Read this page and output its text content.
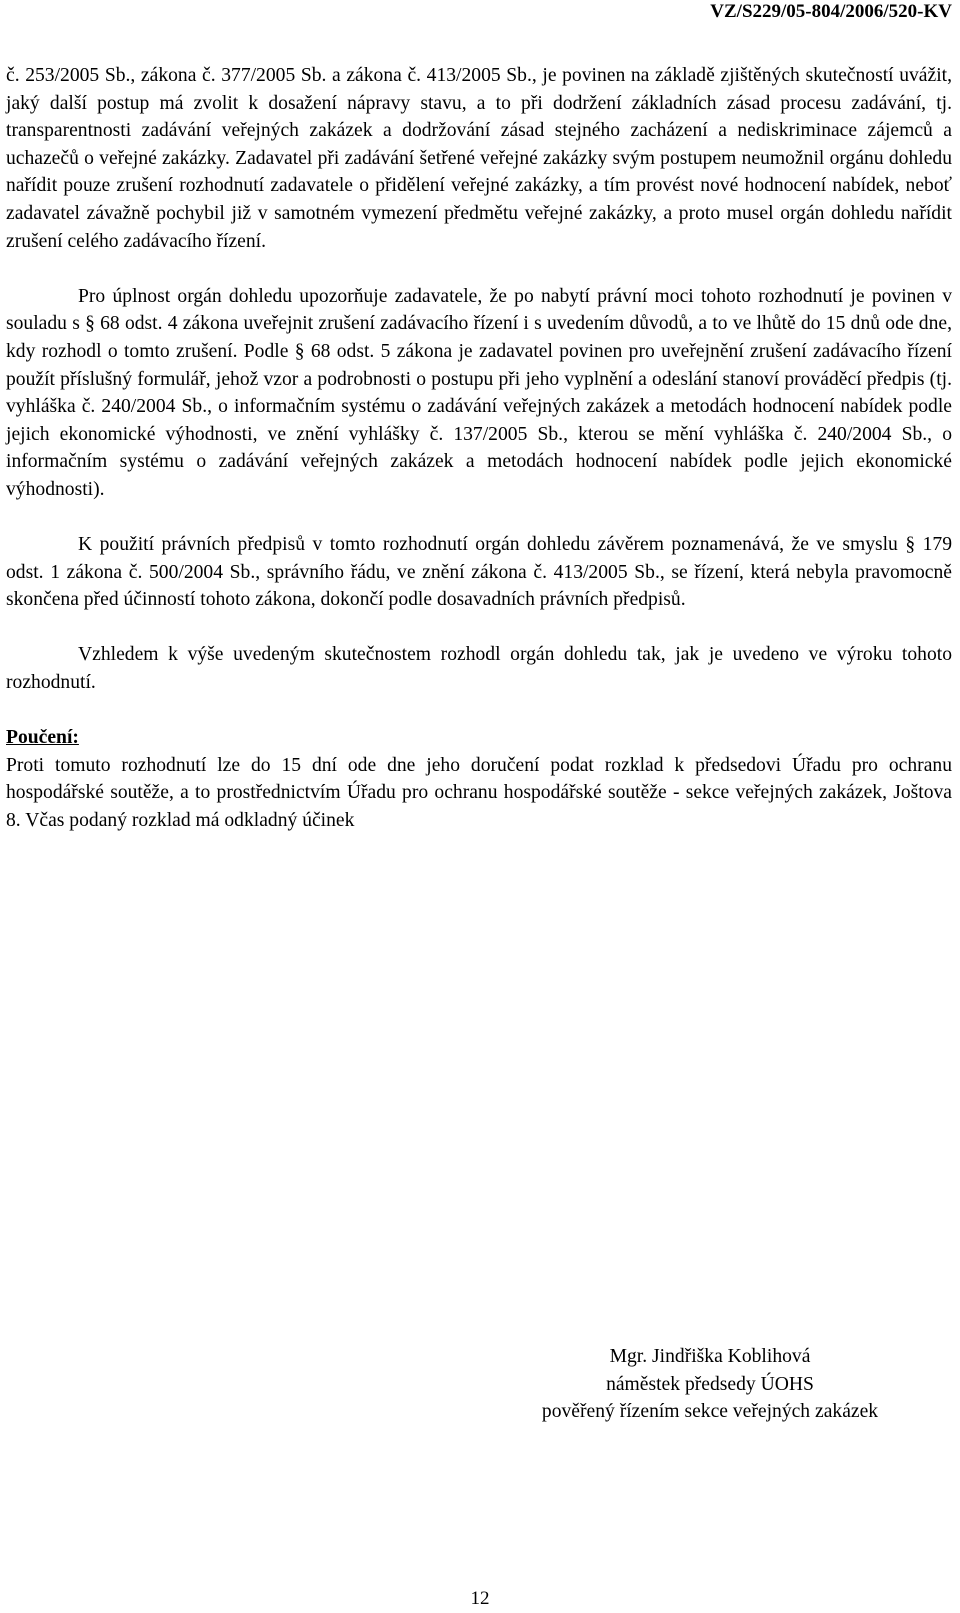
VZ/S229/05-804/2006/520-KV

č. 253/2005 Sb., zákona č. 377/2005 Sb. a zákona č. 413/2005 Sb., je povinen na základě zjištěných skutečností uvážit, jaký další postup má zvolit k dosažení nápravy stavu, a to při dodržení základních zásad procesu zadávání, tj. transparentnosti zadávání veřejných zakázek a dodržování zásad stejného zacházení a nediskriminace zájemců a uchazečů o veřejné zakázky. Zadavatel při zadávání šetřené veřejné zakázky svým postupem neumožnil orgánu dohledu nařídit pouze zrušení rozhodnutí zadavatele o přidělení veřejné zakázky, a tím provést nové hodnocení nabídek, neboť zadavatel závažně pochybil již v samotném vymezení předmětu veřejné zakázky, a proto musel orgán dohledu nařídit zrušení celého zadávacího řízení.

Pro úplnost orgán dohledu upozorňuje zadavatele, že po nabytí právní moci tohoto rozhodnutí je povinen v souladu s § 68 odst. 4 zákona uveřejnit zrušení zadávacího řízení i s uvedením důvodů, a to ve lhůtě do 15 dnů ode dne, kdy rozhodl o tomto zrušení. Podle § 68 odst. 5 zákona je zadavatel povinen pro uveřejnění zrušení zadávacího řízení použít příslušný formulář, jehož vzor a podrobnosti o postupu při jeho vyplnění a odeslání stanoví prováděcí předpis (tj. vyhláška č. 240/2004 Sb., o informačním systému o zadávání veřejných zakázek a metodách hodnocení nabídek podle jejich ekonomické výhodnosti, ve znění vyhlášky č. 137/2005 Sb., kterou se mění vyhláška č. 240/2004 Sb., o informačním systému o zadávání veřejných zakázek a metodách hodnocení nabídek podle jejich ekonomické výhodnosti).

K použití právních předpisů v tomto rozhodnutí orgán dohledu závěrem poznamenává, že ve smyslu § 179 odst. 1 zákona č. 500/2004 Sb., správního řádu, ve znění zákona č. 413/2005 Sb., se řízení, která nebyla pravomocně skončena před účinností tohoto zákona, dokončí podle dosavadních právních předpisů.

Vzhledem k výše uvedeným skutečnostem rozhodl orgán dohledu tak, jak je uvedeno ve výroku tohoto rozhodnutí.

Poučení:

Proti tomuto rozhodnutí lze do 15 dní ode dne jeho doručení podat rozklad k předsedovi Úřadu pro ochranu hospodářské soutěže, a to prostřednictvím Úřadu pro ochranu hospodářské soutěže - sekce veřejných zakázek, Joštova 8. Včas podaný rozklad má odkladný účinek

Mgr. Jindřiška Koblihová
náměstek předsedy ÚOHS
pověřený řízením sekce veřejných zakázek
12
